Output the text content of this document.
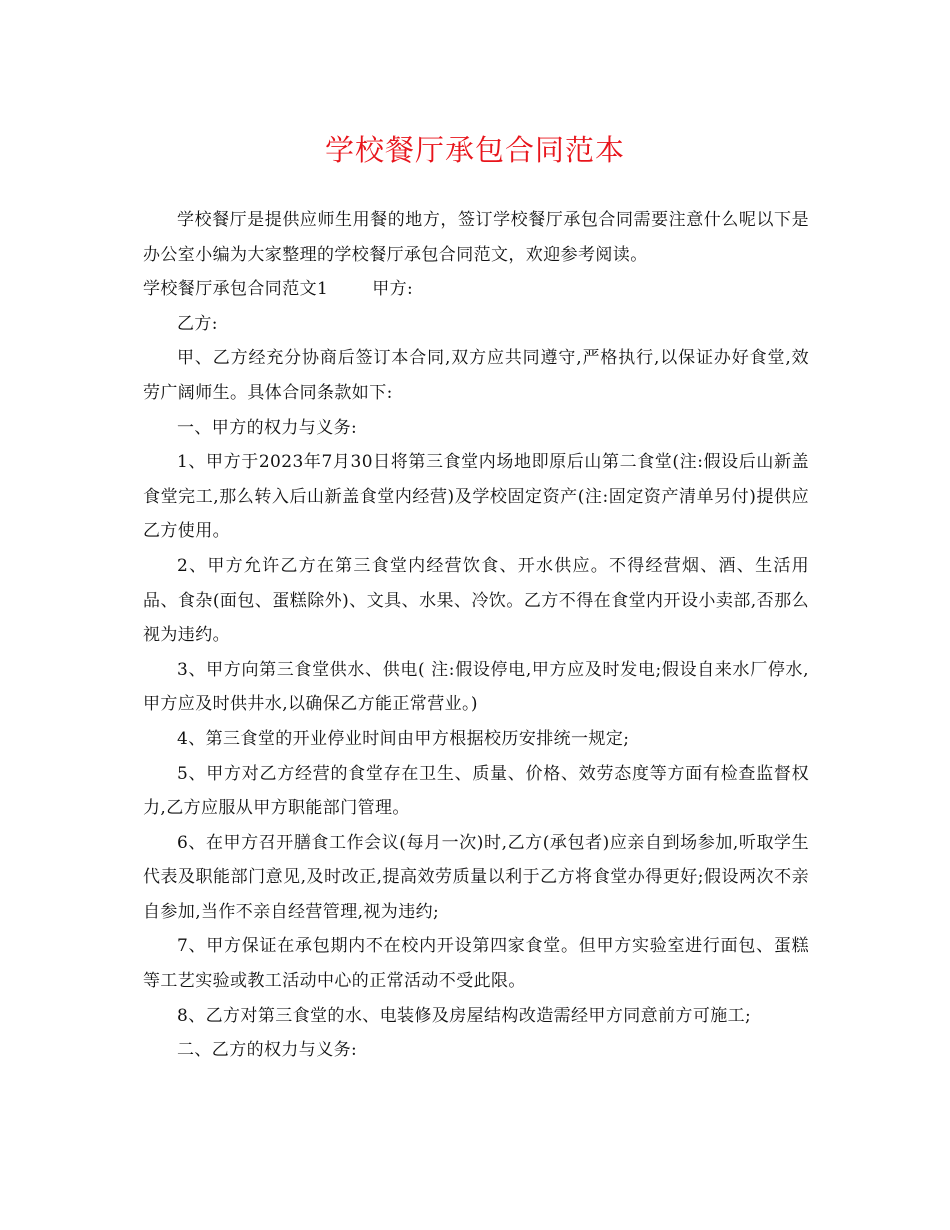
学校餐厅承包合同范本

学校餐厅是提供应师生用餐的地方，签订学校餐厅承包合同需要注意什么呢以下是办公室小编为大家整理的学校餐厅承包合同范文，欢迎参考阅读。

学校餐厅承包合同范文1	甲方:

乙方:

甲、乙方经充分协商后签订本合同,双方应共同遵守,严格执行,以保证办好食堂,效劳广阔师生。具体合同条款如下:

一、甲方的权力与义务:

1、甲方于2023年7月30日将第三食堂内场地即原后山第二食堂(注:假设后山新盖食堂完工,那么转入后山新盖食堂内经营)及学校固定资产(注:固定资产清单另付)提供应乙方使用。

2、甲方允许乙方在第三食堂内经营饮食、开水供应。不得经营烟、酒、生活用品、食杂(面包、蛋糕除外)、文具、水果、冷饮。乙方不得在食堂内开设小卖部,否那么视为违约。

3、甲方向第三食堂供水、供电( 注:假设停电,甲方应及时发电;假设自来水厂停水,甲方应及时供井水,以确保乙方能正常营业。)

4、第三食堂的开业停业时间由甲方根据校历安排统一规定;

5、甲方对乙方经营的食堂存在卫生、质量、价格、效劳态度等方面有检查监督权力,乙方应服从甲方职能部门管理。

6、在甲方召开膳食工作会议(每月一次)时,乙方(承包者)应亲自到场参加,听取学生代表及职能部门意见,及时改正,提高效劳质量以利于乙方将食堂办得更好;假设两次不亲自参加,当作不亲自经营管理,视为违约;

7、甲方保证在承包期内不在校内开设第四家食堂。但甲方实验室进行面包、蛋糕等工艺实验或教工活动中心的正常活动不受此限。

8、乙方对第三食堂的水、电装修及房屋结构改造需经甲方同意前方可施工;

二、乙方的权力与义务:
